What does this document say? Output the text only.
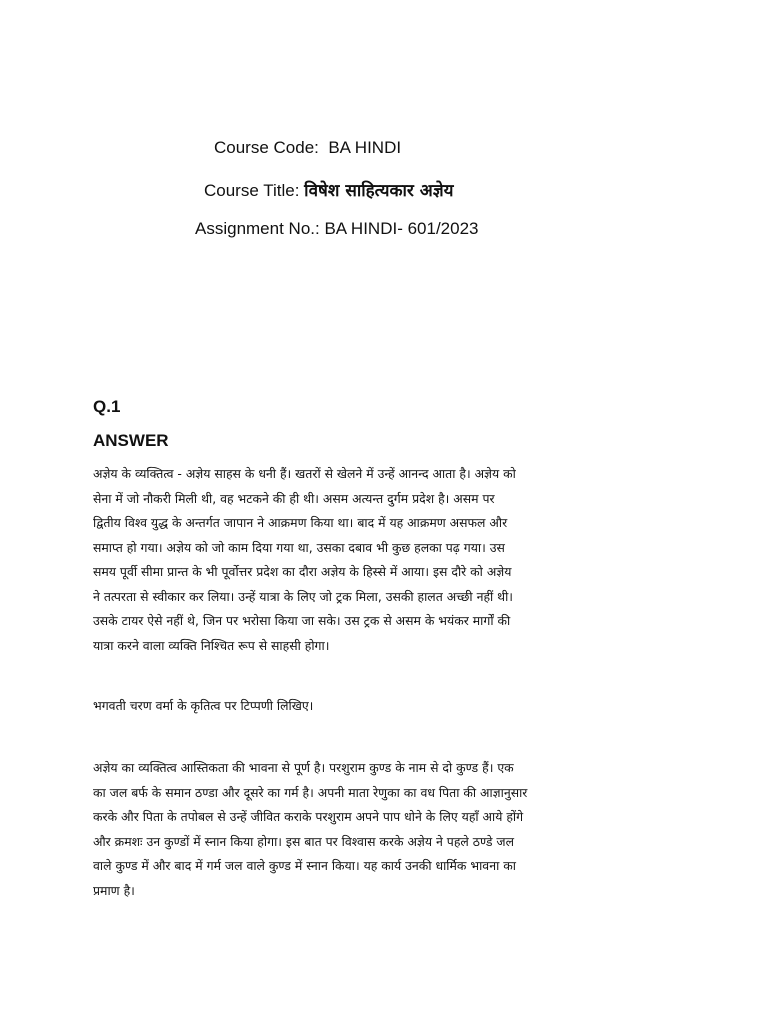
Course Code: BA HINDI
Course Title: विषेश साहित्यकार अज्ञेय
Assignment No.: BA HINDI- 601/2023
Q.1
ANSWER
अज्ञेय के व्यक्तित्व - अज्ञेय साहस के धनी हैं। खतरों से खेलने में उन्हें आनन्द आता है। अज्ञेय को
सेना में जो नौकरी मिली थी, वह भटकने की ही थी। असम अत्यन्त दुर्गम प्रदेश है। असम पर
द्वितीय विश्व युद्ध के अन्तर्गत जापान ने आक्रमण किया था। बाद में यह आक्रमण असफल और
समाप्त हो गया। अज्ञेय को जो काम दिया गया था, उसका दबाव भी कुछ हलका पढ़ गया। उस
समय पूर्वी सीमा प्रान्त के भी पूर्वोत्तर प्रदेश का दौरा अज्ञेय के हिस्से में आया। इस दौरे को अज्ञेय
ने तत्परता से स्वीकार कर लिया। उन्हें यात्रा के लिए जो ट्रक मिला, उसकी हालत अच्छी नहीं थी।
उसके टायर ऐसे नहीं थे, जिन पर भरोसा किया जा सके। उस ट्रक से असम के भयंकर मार्गों की
यात्रा करने वाला व्यक्ति निश्चित रूप से साहसी होगा।
भगवती चरण वर्मा के कृतित्व पर टिप्पणी लिखिए।
अज्ञेय का व्यक्तित्व आस्तिकता की भावना से पूर्ण है। परशुराम कुण्ड के नाम से दो कुण्ड हैं। एक
का जल बर्फ के समान ठण्डा और दूसरे का गर्म है। अपनी माता रेणुका का वध पिता की आज्ञानुसार
करके और पिता के तपोबल से उन्हें जीवित कराके परशुराम अपने पाप धोने के लिए यहाँ आये होंगे
और क्रमशः उन कुण्डों में स्नान किया होगा। इस बात पर विश्वास करके अज्ञेय ने पहले ठण्डे जल
वाले कुण्ड में और बाद में गर्म जल वाले कुण्ड में स्नान किया। यह कार्य उनकी धार्मिक भावना का
प्रमाण है।
